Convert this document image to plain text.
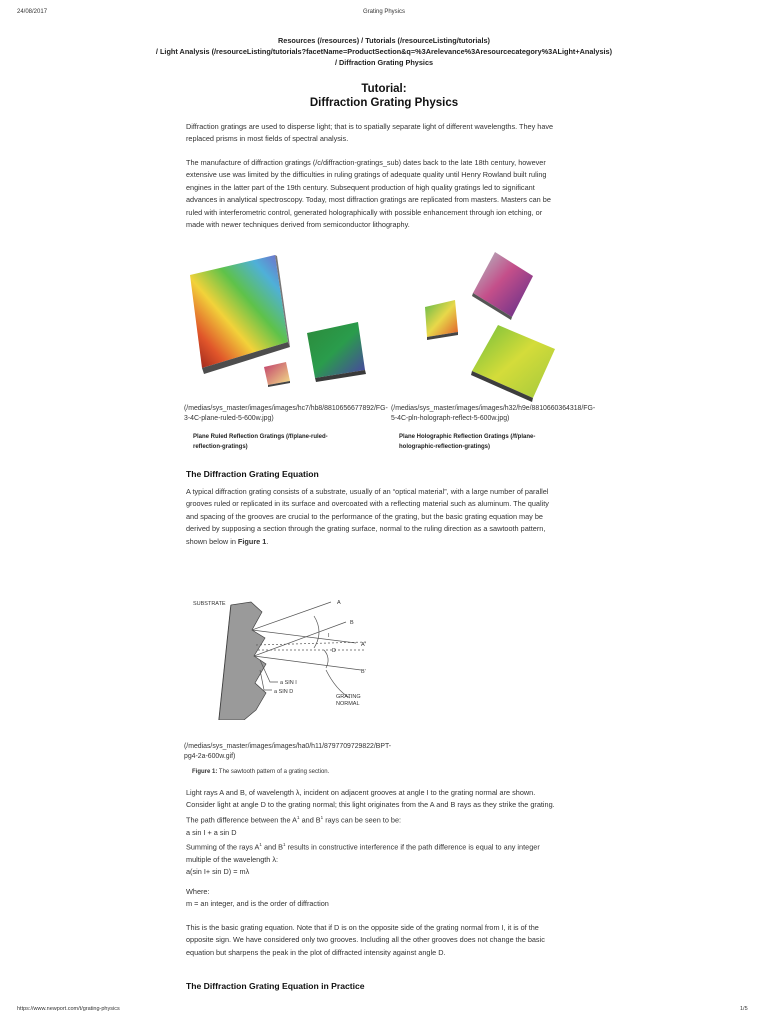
24/08/2017	Grating Physics
Resources (/resources) / Tutorials (/resourceListing/tutorials)
/ Light Analysis (/resourceListing/tutorials?facetName=ProductSection&q=%3Arelevance%3Aresourcecategory%3ALight+Analysis)
/ Diffraction Grating Physics
Tutorial:
Diffraction Grating Physics

Diffraction gratings are used to disperse light; that is to spatially separate light of different wavelengths. They have

replaced prisms in most fields of spectral analysis.

The manufacture of diffraction gratings (/c/diffraction-gratings_sub) dates back to the late 18th century, however

extensive use was limited by the difficulties in ruling gratings of adequate quality until Henry Rowland built ruling

engines in the latter part of the 19th century. Subsequent production of high quality gratings led to significant

advances in analytical spectroscopy. Today, most diffraction gratings are replicated from masters. Masters can be

ruled with interferometric control, generated holographically with possible enhancement through ion etching, or

made with newer techniques derived from semiconductor lithography.

(/medias/sys_master/images/images/hc7/hb8/8810656677892/FG-
3-4C-plane-ruled-5-600w.jpg)
(/medias/sys_master/images/images/h32/h9e/8810660364318/FG-
5-4C-pln-holograph-reflect-5-600w.jpg)
Plane Ruled Reflection Gratings (/f/plane-ruled-
reflection-gratings)
Plane Holographic Reflection Gratings (/f/plane-
holographic-reflection-gratings)
The Diffraction Grating Equation

A typical diffraction grating consists of a substrate, usually of an “optical material”, with a large number of parallel

grooves ruled or replicated in its surface and overcoated with a reflecting material such as aluminum. The quality

and spacing of the grooves are crucial to the performance of the grating, but the basic grating equation may be

derived by supposing a section through the grating surface, normal to the ruling direction as a sawtooth pattern,

shown below in Figure 1.

SUBSTRATE	A
B
A'
B'
D
I
a SIN I
a SIN D
GRATING
NORMAL
(/medias/sys_master/images/images/ha0/h11/8797709729822/BPT-
pg4-2a-600w.gif)
Figure 1: The sawtooth pattern of a grating section.

Light rays A and B, of wavelength λ, incident on adjacent grooves at angle I to the grating normal are shown.

Consider light at angle D to the grating normal; this light originates from the A and B rays as they strike the grating.

The path difference between the $A^1$ and $B^1$ rays can be seen to be:

a sin I + a sin D

Summing of the rays $A^1$ and $B^1$ results in constructive interference if the path difference is equal to any integer

multiple of the wavelength λ:

a(sin I+ sin D) = mλ

Where:

m = an integer, and is the order of diffraction

This is the basic grating equation. Note that if D is on the opposite side of the grating normal from I, it is of the

opposite sign. We have considered only two grooves. Including all the other grooves does not change the basic

equation but sharpens the peak in the plot of diffracted intensity against angle D.

The Diffraction Grating Equation in Practice
https://www.newport.com/t/grating-physics	1/5
